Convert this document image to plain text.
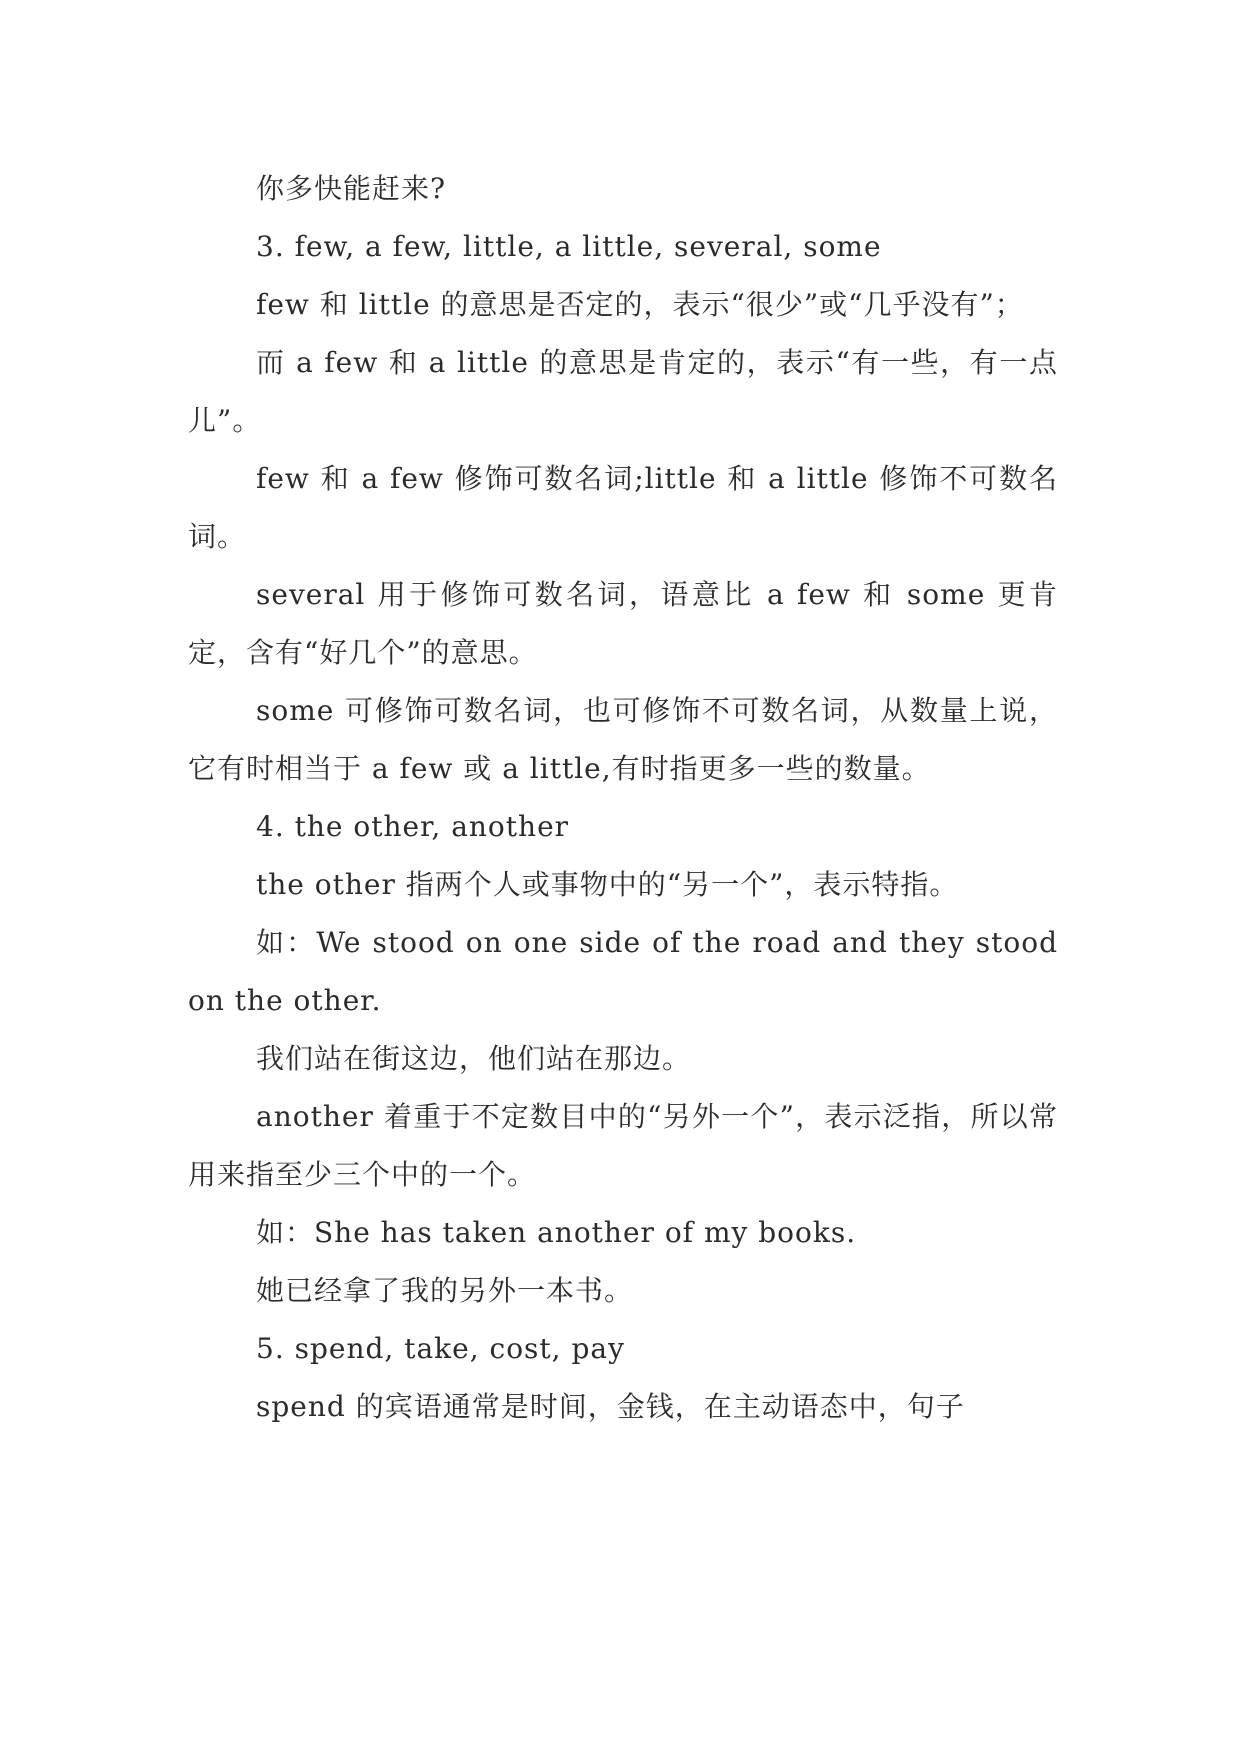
你多快能赶来?

3. few, a few, little, a little, several, some

few 和 little 的意思是否定的，表示“很少”或“几乎没有”；

而 a few 和 a little 的意思是肯定的，表示“有一些，有一点儿”。

few 和 a few 修饰可数名词;little 和 a little 修饰不可数名词。

several 用于修饰可数名词，语意比 a few 和 some 更肯定，含有“好几个”的意思。

some 可修饰可数名词，也可修饰不可数名词，从数量上说，它有时相当于 a few 或 a little,有时指更多一些的数量。

4. the other, another

the other 指两个人或事物中的“另一个”，表示特指。

如：We stood on one side of the road and they stood on the other.

我们站在街这边，他们站在那边。

another 着重于不定数目中的“另外一个”，表示泛指，所以常用来指至少三个中的一个。

如：She has taken another of my books.

她已经拿了我的另外一本书。

5. spend, take, cost, pay

spend 的宾语通常是时间，金钱，在主动语态中，句子
